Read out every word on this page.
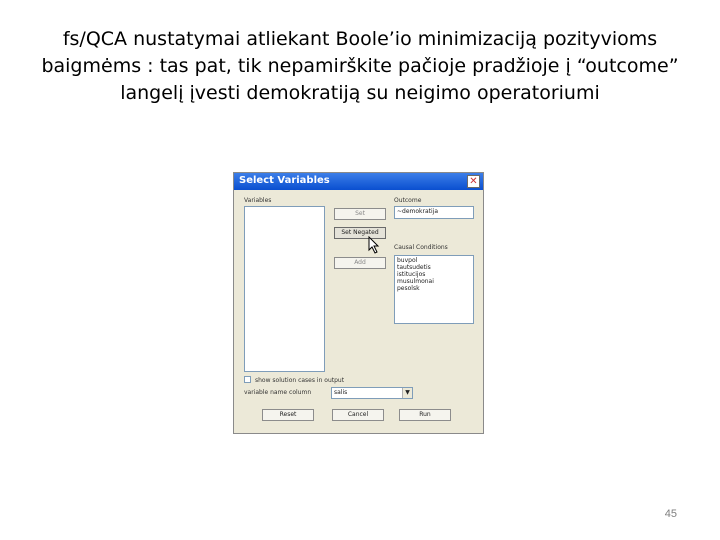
fs/QCA nustatymai atliekant Boole’io minimizaciją pozityvioms
baigmėms : tas pat, tik nepamirškite pačioje pradžioje į “outcome”
langelį įvesti demokratiją su neigimo operatoriumi
Select Variables	✕
Variables
Set
Set Negated
Add
Outcome
~demokratija
Causal Conditions
buvpol
tautsudetis
istitucijos
musulmonai
pesolsk
show solution cases in output
variable name column	salis	▼
Reset	Cancel	Run
45
